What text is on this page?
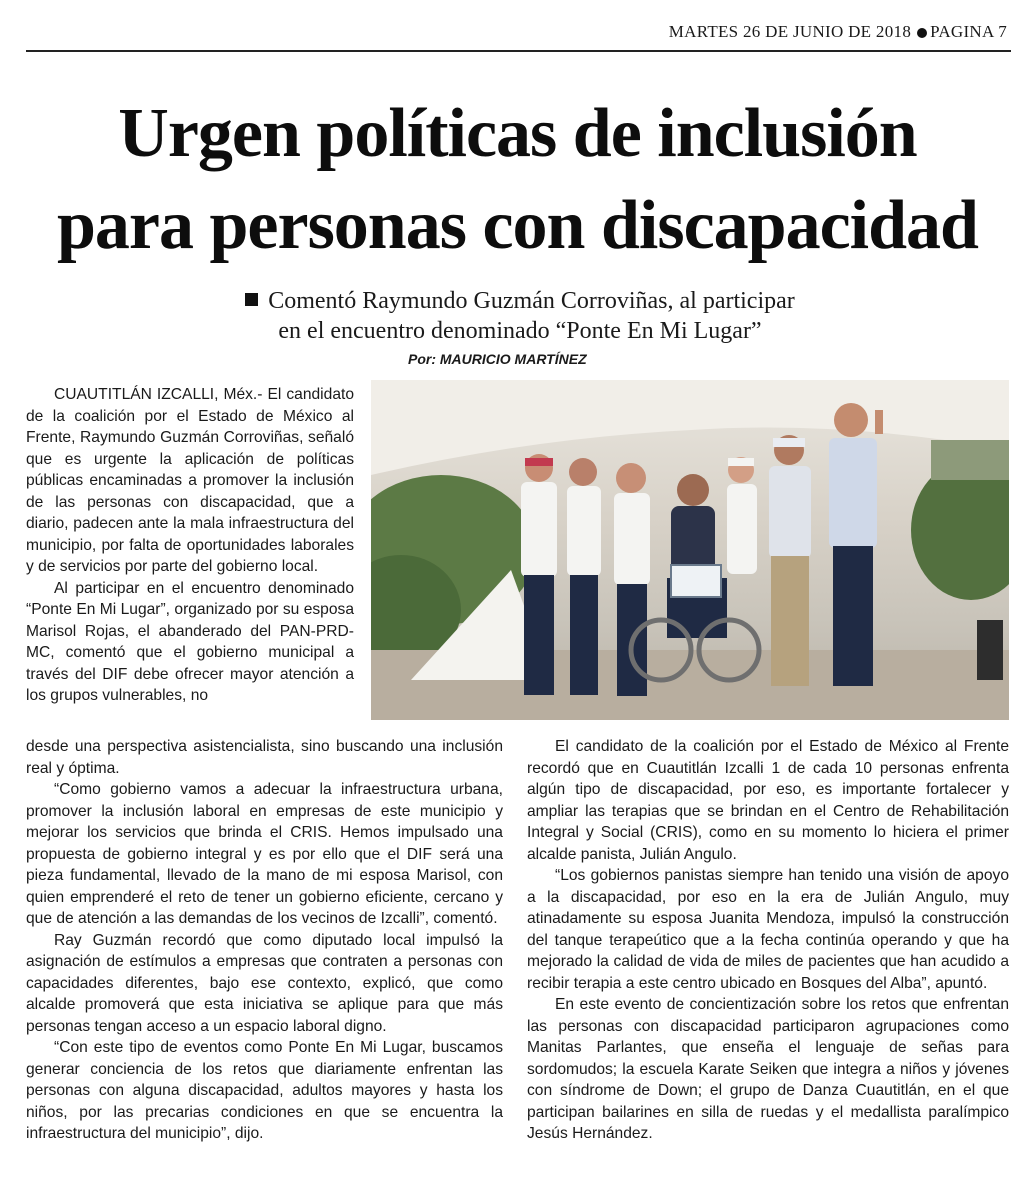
MARTES 26 DE JUNIO DE 2018 PAGINA 7
Urgen políticas de inclusión
para personas con discapacidad
Comentó Raymundo Guzmán Corroviñas, al participar
en el encuentro denominado “Ponte En Mi Lugar”
Por: MAURICIO MARTÍNEZ

CUAUTITLÁN IZCALLI, Méx.- El candidato de la coalición por el Estado de México al Frente, Raymundo Guzmán Corroviñas, señaló que es urgente la aplicación de políticas públicas encaminadas a promover la inclusión de las personas con discapacidad, que a diario, padecen ante la mala infraestructura del municipio, por falta de oportunidades laborales y de servicios por parte del gobierno local.

Al participar en el encuentro denominado “Ponte En Mi Lugar”, organizado por su esposa Marisol Rojas, el abanderado del PAN-PRD-MC, comentó que el gobierno municipal a través del DIF debe ofrecer mayor atención a los grupos vulnerables, no

desde una perspectiva asistencialista, sino buscando una inclusión real y óptima.

“Como gobierno vamos a adecuar la infraestructura urbana, promover la inclusión laboral en empresas de este municipio y mejorar los servicios que brinda el CRIS. Hemos impulsado una propuesta de gobierno integral y es por ello que el DIF será una pieza fundamental, llevado de la mano de mi esposa Marisol, con quien emprenderé el reto de tener un gobierno eficiente, cercano y que de atención a las demandas de los vecinos de Izcalli”, comentó.

Ray Guzmán recordó que como diputado local impulsó la asignación de estímulos a empresas que contraten a personas con capacidades diferentes, bajo ese contexto, explicó, que como alcalde promoverá que esta iniciativa se aplique para que más personas tengan acceso a un espacio laboral digno.

“Con este tipo de eventos como Ponte En Mi Lugar, buscamos generar conciencia de los retos que diariamente enfrentan las personas con alguna discapacidad, adultos mayores y hasta los niños, por las precarias condiciones en que se encuentra la infraestructura del municipio”, dijo.

El candidato de la coalición por el Estado de México al Frente recordó que en Cuautitlán Izcalli 1 de cada 10 personas enfrenta algún tipo de discapacidad, por eso, es importante fortalecer y ampliar las terapias que se brindan en el Centro de Rehabilitación Integral y Social (CRIS), como en su momento lo hiciera el primer alcalde panista, Julián Angulo.

“Los gobiernos panistas siempre han tenido una visión de apoyo a la discapacidad, por eso en la era de Julián Angulo, muy atinadamente su esposa Juanita Mendoza, impulsó la construcción del tanque terapeútico que a la fecha continúa operando y que ha mejorado la calidad de vida de miles de pacientes que han acudido a recibir terapia a este centro ubicado en Bosques del Alba”, apuntó.

En este evento de concientización sobre los retos que enfrentan las personas con discapacidad participaron agrupaciones como Manitas Parlantes, que enseña el lenguaje de señas para sordomudos; la escuela Karate Seiken que integra a niños y jóvenes con síndrome de Down; el grupo de Danza Cuautitlán, en el que participan bailarines en silla de ruedas y el medallista paralímpico Jesús Hernández.
